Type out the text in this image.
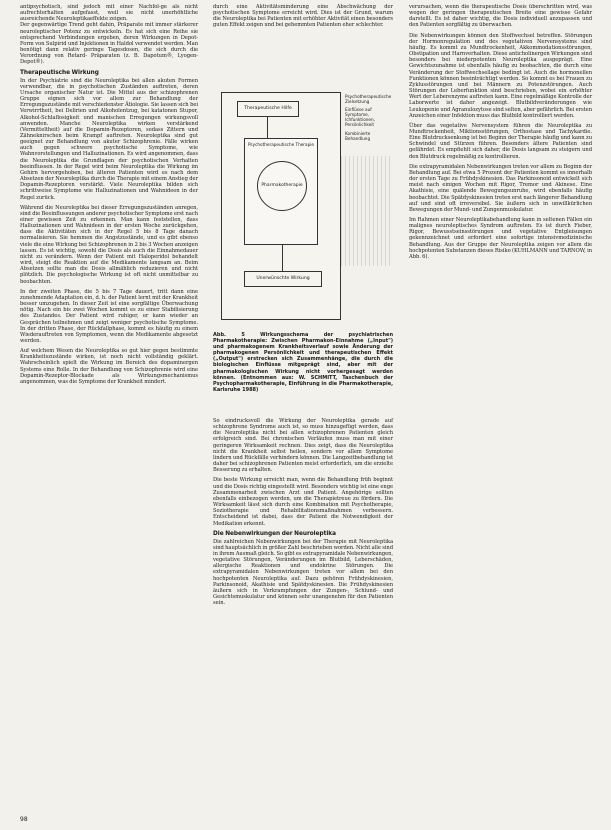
antipsychotisch, sind jedoch mit einer Nachfol-ge als nicht aufrechterhalten aufgefasst, weil sie nicht unerhöhtliche ausreichende Neuroleptikaeffekte zeigen.

Der gegenwärtige Trend geht dahin, Präparate mit immer stärkerer neuroleptischer Potenz zu entwickeln. Es hat sich eine Reihe sie entsprechend Verbindungen ergeben, deren Wirkungen in Depot-Form von Sulpirid und Injektionen in Haldol verwendet werden. Man benötigt dann relativ geringe Tagesdosen, die sich durch die Verordnung von Retard- Präparaten (z. B. Dapotum®, Lyogen-Depot®).

Therapeutische Wirkung

In der Psychiatrie sind die Neuroleptika bei allen akuten Formen verwendbar, die in psychotischen Zuständen auftreten, deren Ursache organischer Natur ist. Die Mittel aus der schizophrenen Gruppe eignen sich vor allem zur Behandlung der Erregungszustände mit verschiedenster Ätiologie. Sie lassen sich bei Verwirrtheit, bei Delirien und Alkoholentzug, bei katatonen Stupor, Alkohol-Schlaflosigkeit und manischen Erregungen wirkungsvoll anwenden. Manche Neuroleptika wirken verstärkend (Vermitteltheit) auf die Dopamin-Rezeptoren, sodass Zittern und Zähneknirschen beim Krampf auftreten. Neuroleptika sind gut geeignet zur Behandlung von akuter Schizophrenie. Fälle wirken auch gegen schwere psychotische Symptome, wie Wahnvorstellungen und Halluzinationen. Es wird angenommen, dass die Neuroleptika die Grundlagen der psychotischen Verhalten beeinflussen. In der Regel wird beim Neuroleptika die Wirkung im Gehirn hervorgehoben, bei älteren Patienten wird es nach dem Absetzen der Neuroleptika durch die Therapie mit einem Anstieg der Dopamin-Rezeptoren verstärkt. Viele Neuroleptika bilden sich schrittweise Symptome wie Halluzinationen und Wahnideen in der Regel zurück.

Während die Neuroleptika bei dieser Erregungszuständen anregen, sind die Beeinflussungen anderer psychotischer Symptome erst nach einer gewissen Zeit zu erkennen. Man kann feststellen, dass Halluzinationen und Wahnideen in der ersten Woche zurückgehen, dass die Aktivitäten sich in der Regel 5 bis 8 Tage danach normalisieren. Sie hemmen die Angstzustände, und es gibt ebenso viele die eine Wirkung bei Schizophrenen in 2 bis 3 Wochen anzeigen lassen. Es ist wichtig, sowohl die Dosis als auch die Einnahmedauer nicht zu verändern. Wenn der Patient mit Haloperidol behandelt wird, steigt die Reaktion auf die Medikamente langsam an. Beim Absetzen sollte man die Dosis allmählich reduzieren und nicht plötzlich. Die psychologische Wirkung ist oft nicht unmittelbar zu beobachten.

In der zweiten Phase, die 5 bis 7 Tage dauert, tritt dann eine zunehmende Adaptation ein, d. h. der Patient lernt mit der Krankheit besser umzugehen. In dieser Zeit ist eine sorgfältige Überwachung nötig. Nach ein bis zwei Wochen kommt es zu einer Stabilisierung des Zustandes. Der Patient wird ruhiger, er kann wieder an Gesprächen teilnehmen und zeigt weniger psychotische Symptome. In der dritten Phase, der Rückfallphase, kommt es häufig zu einem Wiederauftreten von Symptomen, wenn die Medikamente abgesetzt werden.

Auf welchem Wesen die Neuroleptika so gut hier gegen bestimmte Krankheitszustände wirken, ist noch nicht vollständig geklärt. Wahrscheinlich spielt die Wirkung im Bereich des dopaminergen Systems eine Rolle. In der Behandlung von Schizophrenie wird eine Dopamin-Rezeptor-Blockade als Wirkungsmechanismus angenommen, was die Symptome der Krankheit mindert.

durch eine Aktivitätsminderung eine Abschwächung der psychotischen Symptome erreicht wird. Dies ist der Grund, warum die Neuroleptika bei Patienten mit erhöhter Aktivität einen besonders guten Effekt zeigen und bei gehemmten Patienten eher schlechter.

Therapeutische Hilfe
Psychotherapeutische Therapie
Pharmakotherapie
Unerwünschte Wirkung
Psychotherapeutische Zielsetzung
Einflüsse auf Symptome, Ichfunktionen, Persönlichkeit
Kombinierte Behandlung
Abb. 5 Wirkungsschema der psychiatrischen Pharmakotherapie: Zwischen Pharmakon-Einnahme („Input") und pharmakogenem Krankheitsverlauf sowie Änderung der pharmakogenen Persönlichkeit und therapeutischen Effekt („Output") erstrecken sich Zusammenhänge, die durch die biologischen Einflüsse mitgeprägt sind, aber mit der pharmakologischen Wirkung nicht vorhergesagt werden können. (Entnommen aus: W. SCHMITT, Taschenbuch der Psychopharmakotherapie, Einführung in die Pharmakotherapie, Karlsruhe 1988)

So eindrucksvoll die Wirkung der Neuroleptika gerade auf schizophrene Syndrome auch ist, so muss hinzugefügt werden, dass die Neuroleptika nicht bei allen schizophrenen Patienten gleich erfolgreich sind. Bei chronischen Verläufen muss man mit einer geringeren Wirksamkeit rechnen. Dies zeigt, dass die Neuroleptika nicht die Krankheit selbst heilen, sondern vor allem Symptome lindern und Rückfälle verhindern können. Die Langzeitbehandlung ist daher bei schizophrenen Patienten meist erforderlich, um die erzielte Besserung zu erhalten.

Die beste Wirkung erreicht man, wenn die Behandlung früh beginnt und die Dosis richtig eingestellt wird. Besonders wichtig ist eine enge Zusammenarbeit zwischen Arzt und Patient. Angehörige sollten ebenfalls einbezogen werden, um die Therapietreue zu fördern. Die Wirksamkeit lässt sich durch eine Kombination mit Psychotherapie, Soziotherapie und Rehabilitationsmaßnahmen verbessern. Entscheidend ist dabei, dass der Patient die Notwendigkeit der Medikation erkennt.

Die Nebenwirkungen der Neuroleptika

Die zahlreichen Nebenwirkungen bei der Therapie mit Neuroleptika sind hauptsächlich in größer Zahl beschrieben worden. Nicht alle sind in ihrem Ausmaß gleich. So gibt es extrapyramidale Nebenwirkungen, vegetative Störungen, Veränderungen im Blutbild, Leberschäden, allergische Reaktionen und endokrine Störungen. Die extrapyramidalen Nebenwirkungen treten vor allem bei den hochpotenten Neuroleptika auf. Dazu gehören Frühdyskinesien, Parkinsonoid, Akathisie und Spätdyskinesien. Die Frühdyskinesien äußern sich in Verkrampfungen der Zungen-, Schlund- und Gesichtsmuskulatur und können sehr unangenehm für den Patienten sein.

verursachen, wenn die therapeutische Dosis überschritten wird, was wegen der geringen therapeutischen Breite eine gewisse Gefahr darstellt. Es ist daher wichtig, die Dosis individuell anzupassen und den Patienten sorgfältig zu überwachen.

Die Nebenwirkungen können den Stoffwechsel betreffen. Störungen der Hormonregulation und des vegetativen Nervensystems sind häufig. Es kommt zu Mundtrockenheit, Akkommodationsstörungen, Obstipation und Harnverhalten. Diese anticholinergen Wirkungen sind besonders bei niederpotenten Neuroleptika ausgeprägt. Eine Gewichtszunahme ist ebenfalls häufig zu beobachten, die durch eine Veränderung der Stoffwechsellage bedingt ist. Auch die hormonellen Funktionen können beeinträchtigt werden. So kommt es bei Frauen zu Zyklusstörungen und bei Männern zu Potenzstörungen. Auch Störungen der Leberfunktion sind beschrieben, wobei ein erhöhter Wert der Leberenzyme auftreten kann. Eine regelmäßige Kontrolle der Laborwerte ist daher angezeigt. Blutbildveränderungen wie Leukopenie und Agranulozytose sind selten, aber gefährlich. Bei ersten Anzeichen einer Infektion muss das Blutbild kontrolliert werden.

Über das vegetative Nervensystem führen die Neuroleptika zu Mundtrockenheit, Miktionsstörungen, Orthostase und Tachykardie. Eine Blutdrucksenkung ist bei Beginn der Therapie häufig und kann zu Schwindel und Stürzen führen. Besonders ältere Patienten sind gefährdet. Es empfiehlt sich daher, die Dosis langsam zu steigern und den Blutdruck regelmäßig zu kontrollieren.

Die extrapyramidalen Nebenwirkungen treten vor allem zu Beginn der Behandlung auf. Bei etwa 5 Prozent der Patienten kommt es innerhalb der ersten Tage zu Frühdyskinesien. Das Parkinsonoid entwickelt sich meist nach einigen Wochen mit Rigor, Tremor und Akinese. Eine Akathisie, eine quälende Bewegungsunruhe, wird ebenfalls häufig beobachtet. Die Spätdyskinesien treten erst nach längerer Behandlung auf und sind oft irreversibel. Sie äußern sich in unwillkürlichen Bewegungen der Mund- und Zungenmuskulatur.

Im Rahmen einer Neuroleptikabehandlung kann in seltenen Fällen ein malignes neuroleptisches Syndrom auftreten. Es ist durch Fieber, Rigor, Bewusstseinsstörungen und vegetative Entgleisungen gekennzeichnet und erfordert eine sofortige intensivmedizinische Behandlung. Aus der Gruppe der Neuroleptika zeigen vor allem die hochpotenten Substanzen dieses Risiko (KUHLMANN und TARNOW, in Abb. 6).

98
